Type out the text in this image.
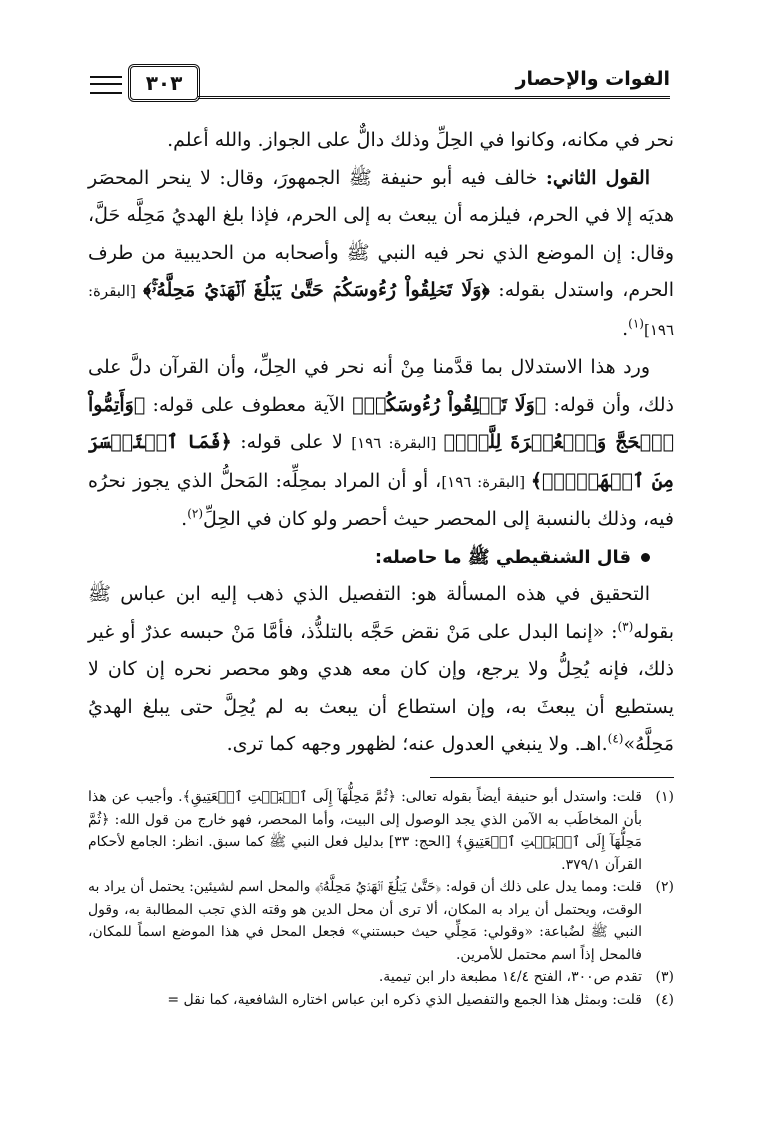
الفوات والإحصار
٣٠٣

نحر في مكانه، وكانوا في الحِلِّ وذلك دالٌّ على الجواز. والله أعلم.

القول الثاني: خالف فيه أبو حنيفة ﷺ الجمهورَ، وقال: لا ينحر المحصَر هديَه إلا في الحرم، فيلزمه أن يبعث به إلى الحرم، فإذا بلغ الهديُ مَحِلَّه حَلَّ، وقال: إن الموضع الذي نحر فيه النبي ﷺ وأصحابه من الحديبية من طرف الحرم، واستدل بقوله: ﴿وَلَا تَحۡلِقُواْ رُءُوسَكُمۡ حَتَّىٰ يَبۡلُغَ ٱلۡهَدۡيُ مَحِلَّهُۥۚ﴾ [البقرة: ١٩٦]$^{(١)}$.

ورد هذا الاستدلال بما قدَّمنا مِنْ أنه نحر في الحِلِّ، وأن القرآن دلَّ على ذلك، وأن قوله: ﴿وَلَا تَحۡلِقُواْ رُءُوسَكُمۡ﴾ الآية معطوف على قوله: ﴿وَأَتِمُّواْ ٱلۡحَجَّ وَٱلۡعُمۡرَةَ لِلَّهِۚ﴾ [البقرة: ١٩٦] لا على قوله: ﴿فَمَا ٱسۡتَيۡسَرَ مِنَ ٱلۡهَدۡيِۖ﴾ [البقرة: ١٩٦]، أو أن المراد بمحِلِّه: المَحلُّ الذي يجوز نحرُه فيه، وذلك بالنسبة إلى المحصر حيث أحصر ولو كان في الحِلِّ$^{(٢)}$.

قال الشنقيطي ﷺ ما حاصله:

التحقيق في هذه المسألة هو: التفصيل الذي ذهب إليه ابن عباس ﷺ بقوله$^{(٣)}$: «إنما البدل على مَنْ نقض حَجَّه بالتلذُّذ، فأمَّا مَنْ حبسه عذرٌ أو غير ذلك، فإنه يُحِلُّ ولا يرجع، وإن كان معه هدي وهو محصر نحره إن كان لا يستطيع أن يبعثَ به، وإن استطاع أن يبعث به لم يُحِلَّ حتى يبلغ الهديُ مَحِلَّهُ»$^{(٤)}$.اهـ. ولا ينبغي العدول عنه؛ لظهور وجهه كما ترى.

(١)
قلت: واستدل أبو حنيفة أيضاً بقوله تعالى: ﴿ثُمَّ مَحِلُّهَآ إِلَى ٱلۡبَيۡتِ ٱلۡعَتِيقِ﴾. وأجيب عن هذا بأن المخاطَب به الآمن الذي يجد الوصول إلى البيت، وأما المحصر، فهو خارج من قول الله: ﴿ثُمَّ مَحِلُّهَآ إِلَى ٱلۡبَيۡتِ ٱلۡعَتِيقِ﴾ [الحج: ٣٣] بدليل فعل النبي ﷺ كما سبق. انظر: الجامع لأحكام القرآن ٣٧٩/١.
(٢)
قلت: ومما يدل على ذلك أن قوله: ﴿حَتَّىٰ يَبۡلُغَ ٱلۡهَدۡيُ مَحِلَّهُۥۚ﴾ والمحل اسم لشيئين: يحتمل أن يراد به الوقت، ويحتمل أن يراد به المكان، ألا ترى أن محل الدين هو وقته الذي تجب المطالبة به، وقول النبي ﷺ لضُباعة: «وقولي: مَحِلِّي حيث حبستني» فجعل المحل في هذا الموضع اسماً للمكان، فالمحل إذاً اسم محتمل للأمرين.
(٣)
تقدم ص٣٠٠، الفتح ١٤/٤ مطبعة دار ابن تيمية.
(٤)
قلت: وبمثل هذا الجمع والتفصيل الذي ذكره ابن عباس اختاره الشافعية، كما نقل =
